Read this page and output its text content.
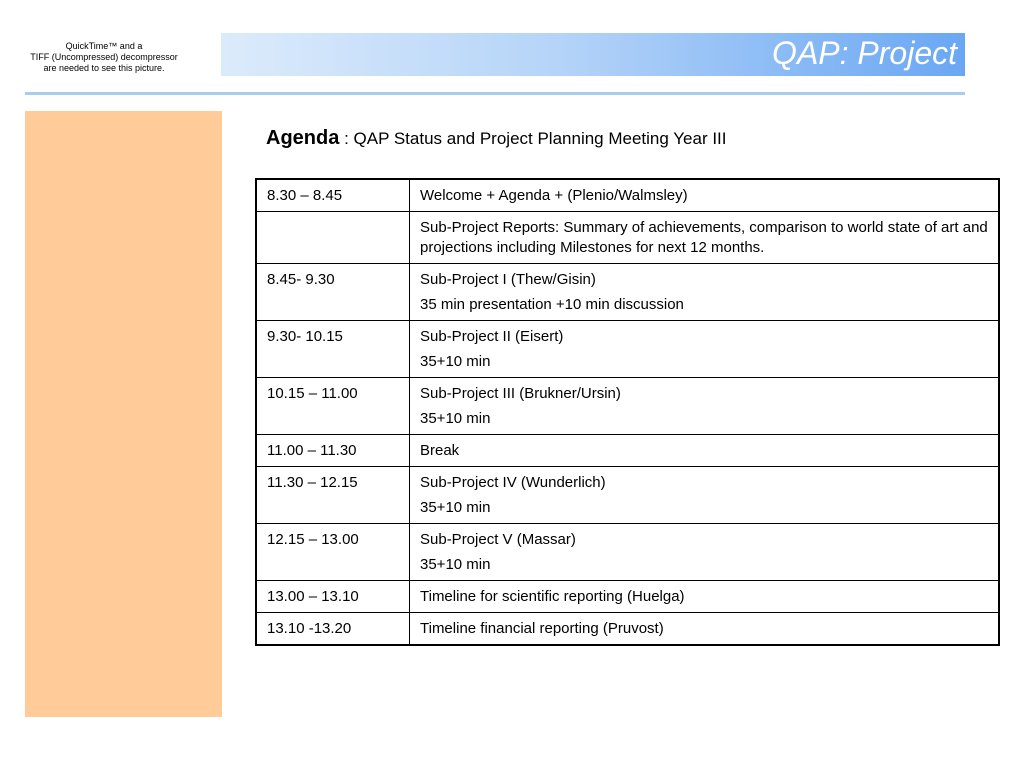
QuickTime™ and a
TIFF (Uncompressed) decompressor
are needed to see this picture.	QAP: Project
Agenda : QAP Status and Project Planning Meeting Year III
8.30 – 8.45	Welcome + Agenda + (Plenio/Walmsley)

	Sub-Project Reports: Summary of achievements, comparison to world state of art and projections including Milestones for next 12 months.

8.45- 9.30	Sub-Project I (Thew/Gisin)
35 min presentation +10 min discussion

9.30- 10.15	Sub-Project II (Eisert)
35+10 min

10.15 – 11.00	Sub-Project III (Brukner/Ursin)
35+10 min

11.00 – 11.30	Break

11.30 – 12.15	Sub-Project IV (Wunderlich)
35+10 min

12.15 – 13.00	Sub-Project V (Massar)
35+10 min

13.00 – 13.10	Timeline for scientific reporting (Huelga)

13.10 -13.20	Timeline financial reporting (Pruvost)
